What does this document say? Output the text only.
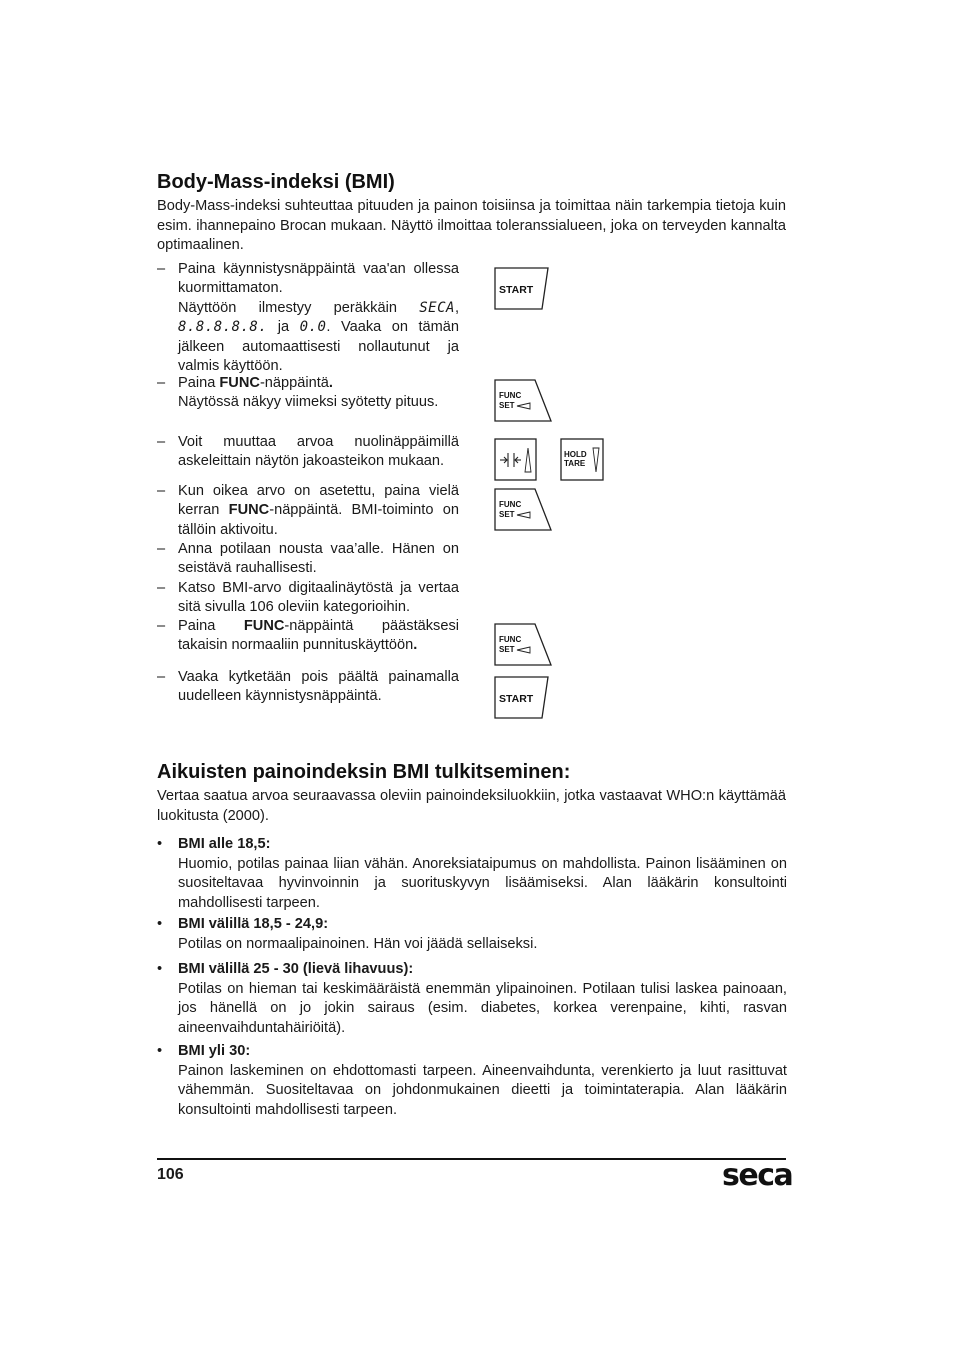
Body-Mass-indeksi (BMI)
Body-Mass-indeksi suhteuttaa pituuden ja painon toisiinsa ja toimittaa näin tarkempia tietoja kuin esim. ihannepaino Brocan mukaan. Näyttö ilmoittaa toleranssialueen, joka on terveyden kannalta optimaalinen.
– Paina käynnistysnäppäintä vaa'an ollessa kuormittamaton.
Näyttöön ilmestyy peräkkäin SECA, 8.8.8.8.8. ja 0.0. Vaaka on tämän jälkeen automaattisesti nollautunut ja valmis käyttöön.
– Paina FUNC-näppäintä.
Näytössä näkyy viimeksi syötetty pituus.
– Voit muuttaa arvoa nuolinäppäimillä askeleittain näytön jakoasteikon mukaan.
– Kun oikea arvo on asetettu, paina vielä kerran FUNC-näppäintä. BMI-toiminto on tällöin aktivoitu.
– Anna potilaan nousta vaa’alle. Hänen on seistävä rauhallisesti.
– Katso BMI-arvo digitaalinäytöstä ja vertaa sitä sivulla 106 oleviin kategorioihin.
– Paina FUNC-näppäintä päästäksesi takaisin normaaliin punnituskäyttöön.
– Vaaka kytketään pois päältä painamalla uudelleen käynnistysnäppäintä.
START
FUNC
SET
HOLD
TARE
FUNC
SET
FUNC
SET
START
Aikuisten painoindeksin BMI tulkitseminen:
Vertaa saatua arvoa seuraavassa oleviin painoindeksiluokkiin, jotka vastaavat WHO:n käyttämää luokitusta (2000).
• BMI alle 18,5:
Huomio, potilas painaa liian vähän. Anoreksiataipumus on mahdollista. Painon lisääminen on suositeltavaa hyvinvoinnin ja suorituskyvyn lisäämiseksi. Alan lääkärin konsultointi mahdollisesti tarpeen.
• BMI välillä 18,5 - 24,9:
Potilas on normaalipainoinen. Hän voi jäädä sellaiseksi.
• BMI välillä 25 - 30 (lievä lihavuus):
Potilas on hieman tai keskimääräistä enemmän ylipainoinen. Potilaan tulisi laskea painoaan, jos hänellä on jo jokin sairaus (esim. diabetes, korkea verenpaine, kihti, rasvan aineenvaihduntahäiriöitä).
• BMI yli 30:
Painon laskeminen on ehdottomasti tarpeen. Aineenvaihdunta, verenkierto ja luut rasittuvat vähemmän. Suositeltavaa on johdonmukainen dieetti ja toimintaterapia. Alan lääkärin konsultointi mahdollisesti tarpeen.
106	seca
